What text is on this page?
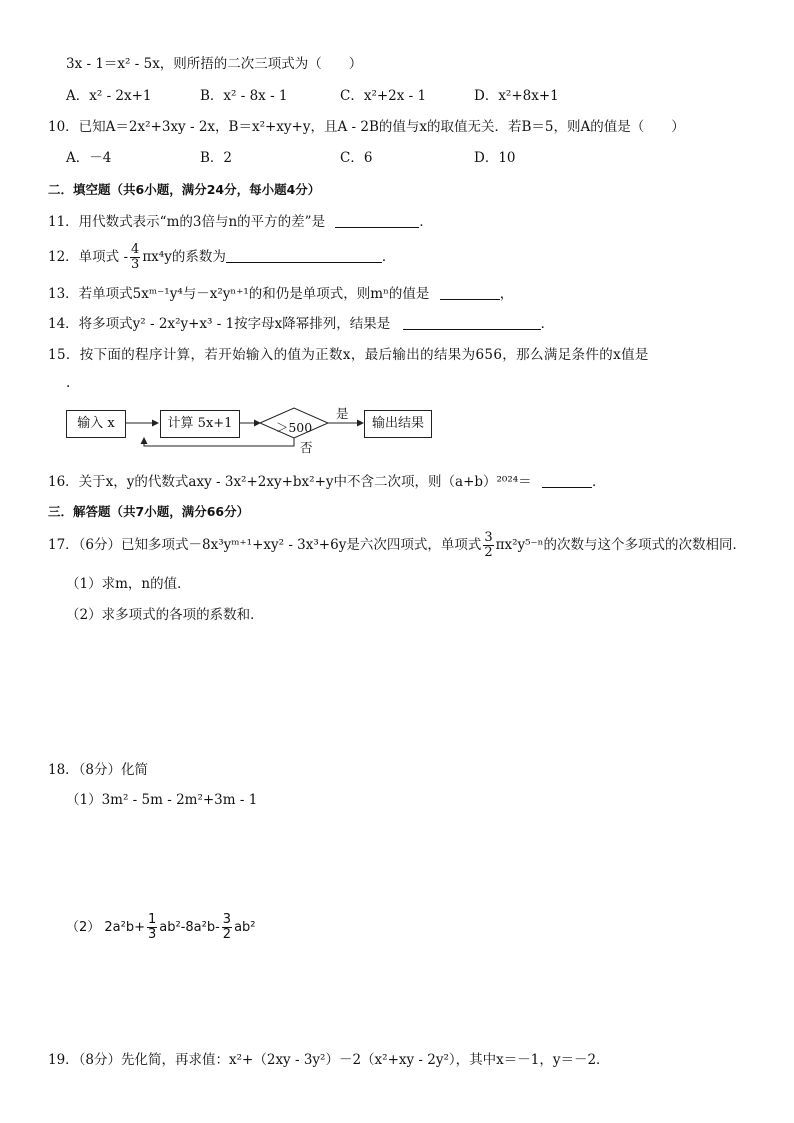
3x - 1＝x² - 5x，则所捂的二次三项式为（　　）
A．x² - 2x+1	B．x² - 8x - 1	C．x²+2x - 1	D．x²+8x+1
10．已知A＝2x²+3xy - 2x，B＝x²+xy+y，且A - 2B的值与x的取值无关．若B＝5，则A的值是（　　）
A．－4	B．2	C．6	D．10
二．填空题（共6小题，满分24分，每小题4分）
11．用代数式表示“m的3倍与n的平方的差”是	．
12．单项式 - $\frac{4}{3} \pi x^4y$的系数为	．
13．若单项式5xᵐ⁻¹y⁴与－x²yⁿ⁺¹的和仍是单项式，则mⁿ的值是	，
14．将多项式y² - 2x²y+x³ - 1按字母x降幂排列，结果是	．
15．按下面的程序计算，若开始输入的值为正数x，最后输出的结果为656，那么满足条件的x值是
.
输入 x	计算 5x+1	＞500
是
否
输出结果
16．关于x，y的代数式axy - 3x²+2xy+bx²+y中不含二次项，则（a+b）²⁰²⁴＝	．
三．解答题（共7小题，满分66分）
17．（6分）已知多项式－8x³yᵐ⁺¹+xy² - 3x³+6y是六次四项式，单项式 $\frac{3}{2} \pi x^2y^{5-n}$的次数与这个多项式的次数相同．
（1）求m，n的值．
（2）求多项式的各项的系数和．
18．（8分）化简
（1）3m² - 5m - 2m²+3m - 1
（2） $2a^2b+ \frac{1}{3} ab^2-8a^2b- \frac{3}{2} ab^2$
19．（8分）先化简，再求值：x²+（2xy - 3y²）－2（x²+xy - 2y²），其中x＝－1，y＝－2．
